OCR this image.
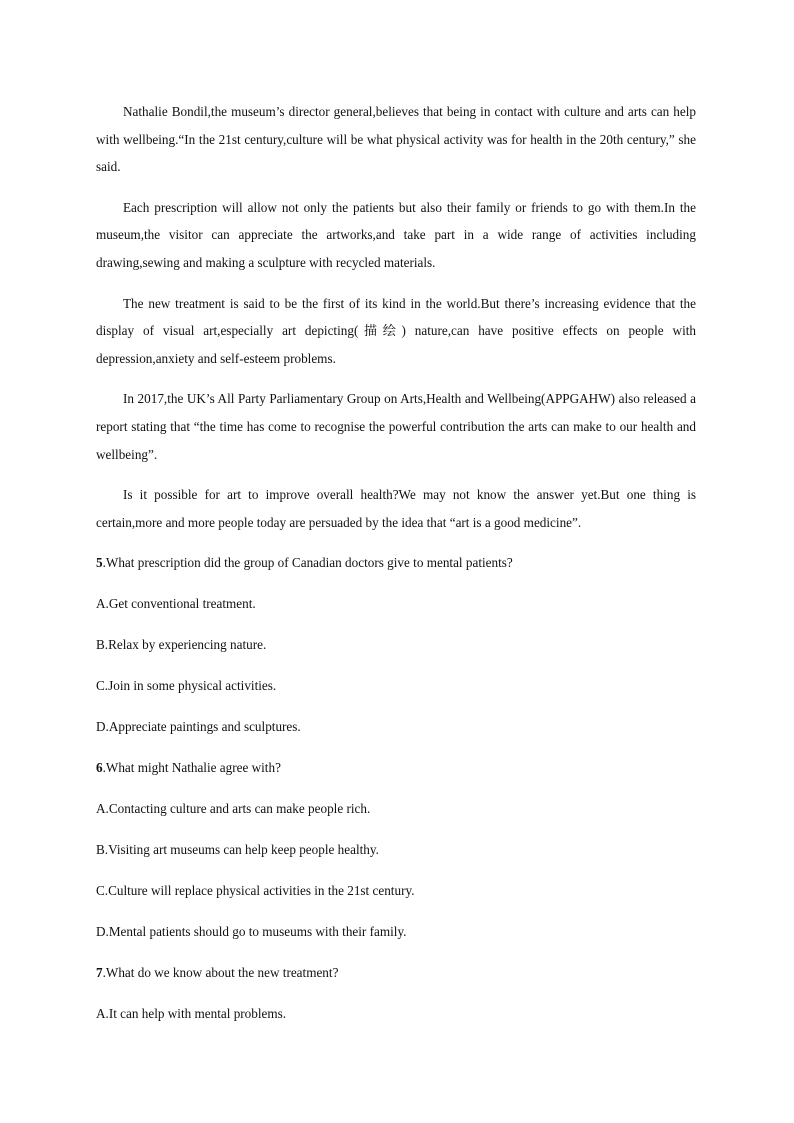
Nathalie Bondil,the museum’s director general,believes that being in contact with culture and arts can help with wellbeing.“In the 21st century,culture will be what physical activity was for health in the 20th century,” she said.

Each prescription will allow not only the patients but also their family or friends to go with them.In the museum,the visitor can appreciate the artworks,and take part in a wide range of activities including drawing,sewing and making a sculpture with recycled materials.

The new treatment is said to be the first of its kind in the world.But there’s increasing evidence that the display of visual art,especially art depicting(描绘) nature,can have positive effects on people with depression,anxiety and self-esteem problems.

In 2017,the UK’s All Party Parliamentary Group on Arts,Health and Wellbeing(APPGAHW) also released a report stating that “the time has come to recognise the powerful contribution the arts can make to our health and wellbeing”.

Is it possible for art to improve overall health?We may not know the answer yet.But one thing is certain,more and more people today are persuaded by the idea that “art is a good medicine”.

5.What prescription did the group of Canadian doctors give to mental patients?

A.Get conventional treatment.

B.Relax by experiencing nature.

C.Join in some physical activities.

D.Appreciate paintings and sculptures.

6.What might Nathalie agree with?

A.Contacting culture and arts can make people rich.

B.Visiting art museums can help keep people healthy.

C.Culture will replace physical activities in the 21st century.

D.Mental patients should go to museums with their family.

7.What do we know about the new treatment?

A.It can help with mental problems.
